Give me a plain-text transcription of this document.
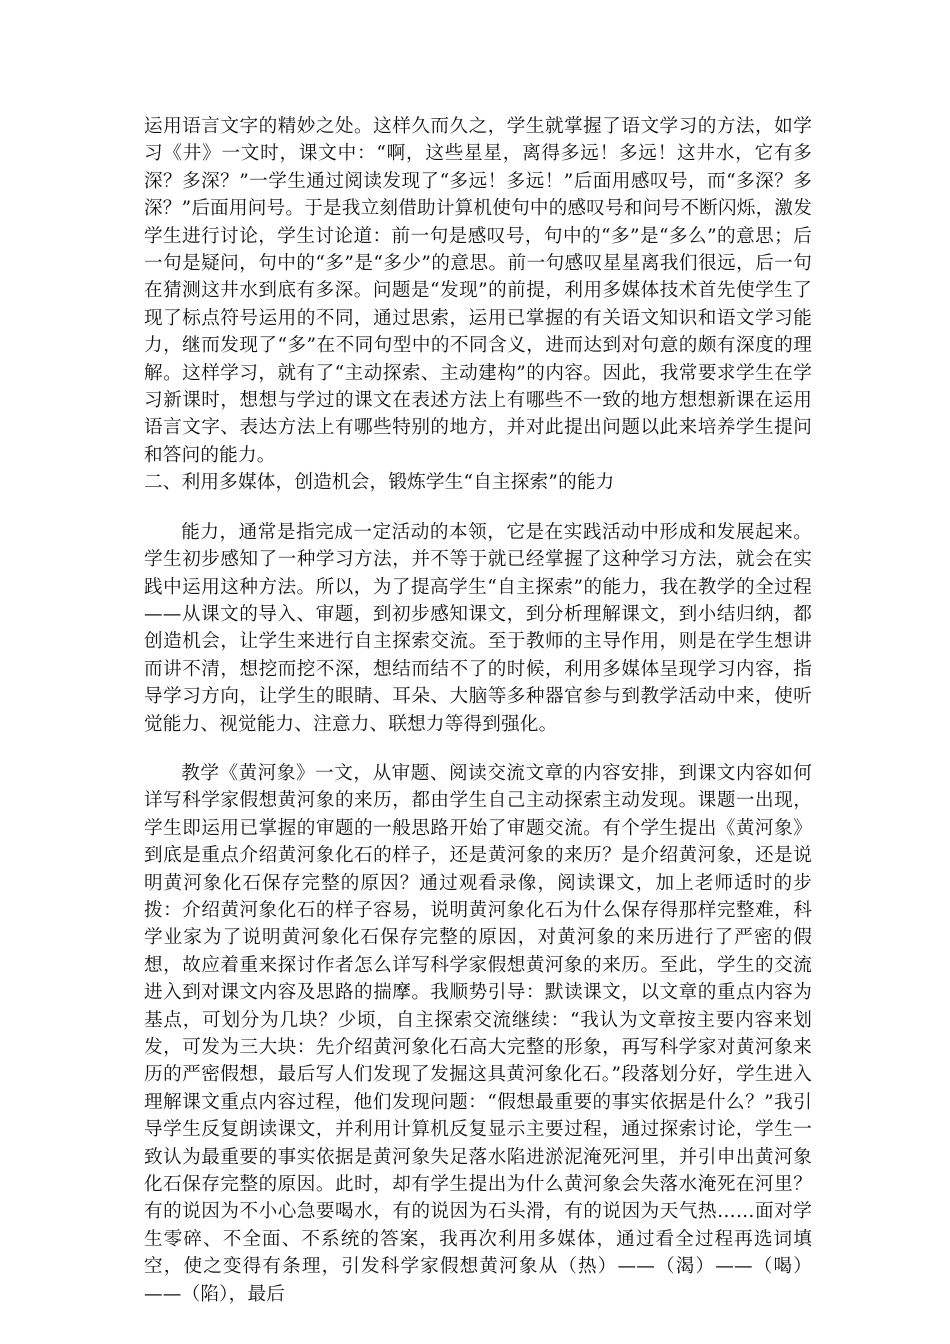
运用语言文字的精妙之处。这样久而久之，学生就掌握了语文学习的方法，如学习《井》一文时，课文中：“啊，这些星星，离得多远！多远！这井水，它有多深？多深？”一学生通过阅读发现了“多远！多远！”后面用感叹号，而“多深？多深？”后面用问号。于是我立刻借助计算机使句中的感叹号和问号不断闪烁，激发学生进行讨论，学生讨论道：前一句是感叹号，句中的“多”是“多么”的意思；后一句是疑问，句中的“多”是“多少”的意思。前一句感叹星星离我们很远，后一句在猜测这井水到底有多深。问题是“发现”的前提，利用多媒体技术首先使学生了现了标点符号运用的不同，通过思索，运用已掌握的有关语文知识和语文学习能力，继而发现了“多”在不同句型中的不同含义，进而达到对句意的颇有深度的理解。这样学习，就有了“主动探索、主动建构”的内容。因此，我常要求学生在学习新课时，想想与学过的课文在表述方法上有哪些不一致的地方想想新课在运用语言文字、表达方法上有哪些特别的地方，并对此提出问题以此来培养学生提问和答问的能力。

二、利用多媒体，创造机会，锻炼学生“自主探索”的能力

能力，通常是指完成一定活动的本领，它是在实践活动中形成和发展起来。学生初步感知了一种学习方法，并不等于就已经掌握了这种学习方法，就会在实践中运用这种方法。所以，为了提高学生“自主探索”的能力，我在教学的全过程——从课文的导入、审题，到初步感知课文，到分析理解课文，到小结归纳，都创造机会，让学生来进行自主探索交流。至于教师的主导作用，则是在学生想讲而讲不清，想挖而挖不深，想结而结不了的时候，利用多媒体呈现学习内容，指导学习方向，让学生的眼睛、耳朵、大脑等多种器官参与到教学活动中来，使听觉能力、视觉能力、注意力、联想力等得到强化。

教学《黄河象》一文，从审题、阅读交流文章的内容安排，到课文内容如何详写科学家假想黄河象的来历，都由学生自己主动探索主动发现。课题一出现，学生即运用已掌握的审题的一般思路开始了审题交流。有个学生提出《黄河象》到底是重点介绍黄河象化石的样子，还是黄河象的来历？是介绍黄河象，还是说明黄河象化石保存完整的原因？通过观看录像，阅读课文，加上老师适时的步拨：介绍黄河象化石的样子容易，说明黄河象化石为什么保存得那样完整难，科学业家为了说明黄河象化石保存完整的原因，对黄河象的来历进行了严密的假想，故应着重来探讨作者怎么详写科学家假想黄河象的来历。至此，学生的交流进入到对课文内容及思路的揣摩。我顺势引导：默读课文，以文章的重点内容为基点，可划分为几块？少顷，自主探索交流继续：“我认为文章按主要内容来划发，可发为三大块：先介绍黄河象化石高大完整的形象，再写科学家对黄河象来历的严密假想，最后写人们发现了发掘这具黄河象化石。”段落划分好，学生进入理解课文重点内容过程，他们发现问题：“假想最重要的事实依据是什么？”我引导学生反复朗读课文，并利用计算机反复显示主要过程，通过探索讨论，学生一致认为最重要的事实依据是黄河象失足落水陷进淤泥淹死河里，并引申出黄河象化石保存完整的原因。此时，却有学生提出为什么黄河象会失落水淹死在河里？有的说因为不小心急要喝水，有的说因为石头滑，有的说因为天气热……面对学生零碎、不全面、不系统的答案，我再次利用多媒体，通过看全过程再选词填空，使之变得有条理，引发科学家假想黄河象从（热）——（渴）——（喝）——（陷），最后
